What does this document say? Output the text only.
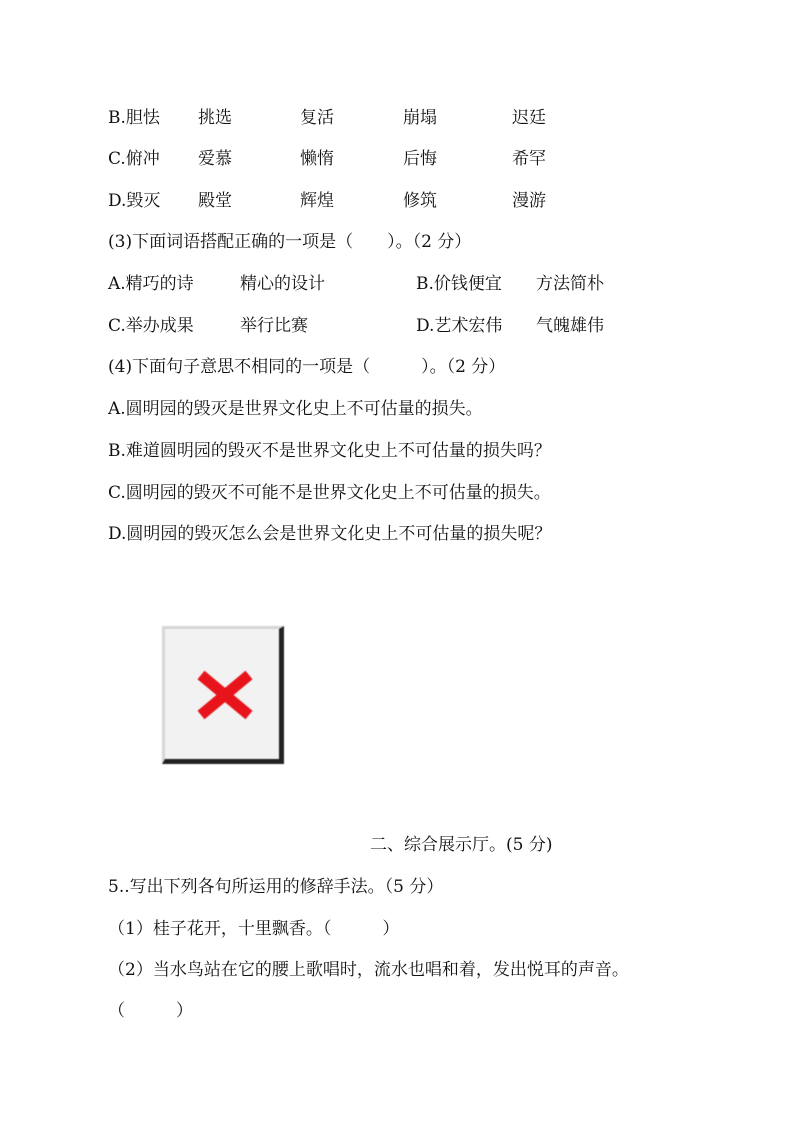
B.胆怯 挑选	复活	崩塌	迟廷
C.俯冲 爱慕	懒惰	后悔	希罕
D.毁灭 殿堂	辉煌	修筑	漫游
(3)下面词语搭配正确的一项是（　　）。（2 分）
A.精巧的诗	精心的设计	B.价钱便宜 方法简朴
C.举办成果	举行比赛	D.艺术宏伟 气魄雄伟
(4)下面句子意思不相同的一项是（　　　）。（2 分）
A.圆明园的毁灭是世界文化史上不可估量的损失。
B.难道圆明园的毁灭不是世界文化史上不可估量的损失吗？
C.圆明园的毁灭不可能不是世界文化史上不可估量的损失。
D.圆明园的毁灭怎么会是世界文化史上不可估量的损失呢？
二、综合展示厅。(5 分)
5..写出下列各句所运用的修辞手法。（5 分）
（1）桂子花开，十里飘香。（　　　）
（2）当水鸟站在它的腰上歌唱时，流水也唱和着，发出悦耳的声音。
（　　　）
